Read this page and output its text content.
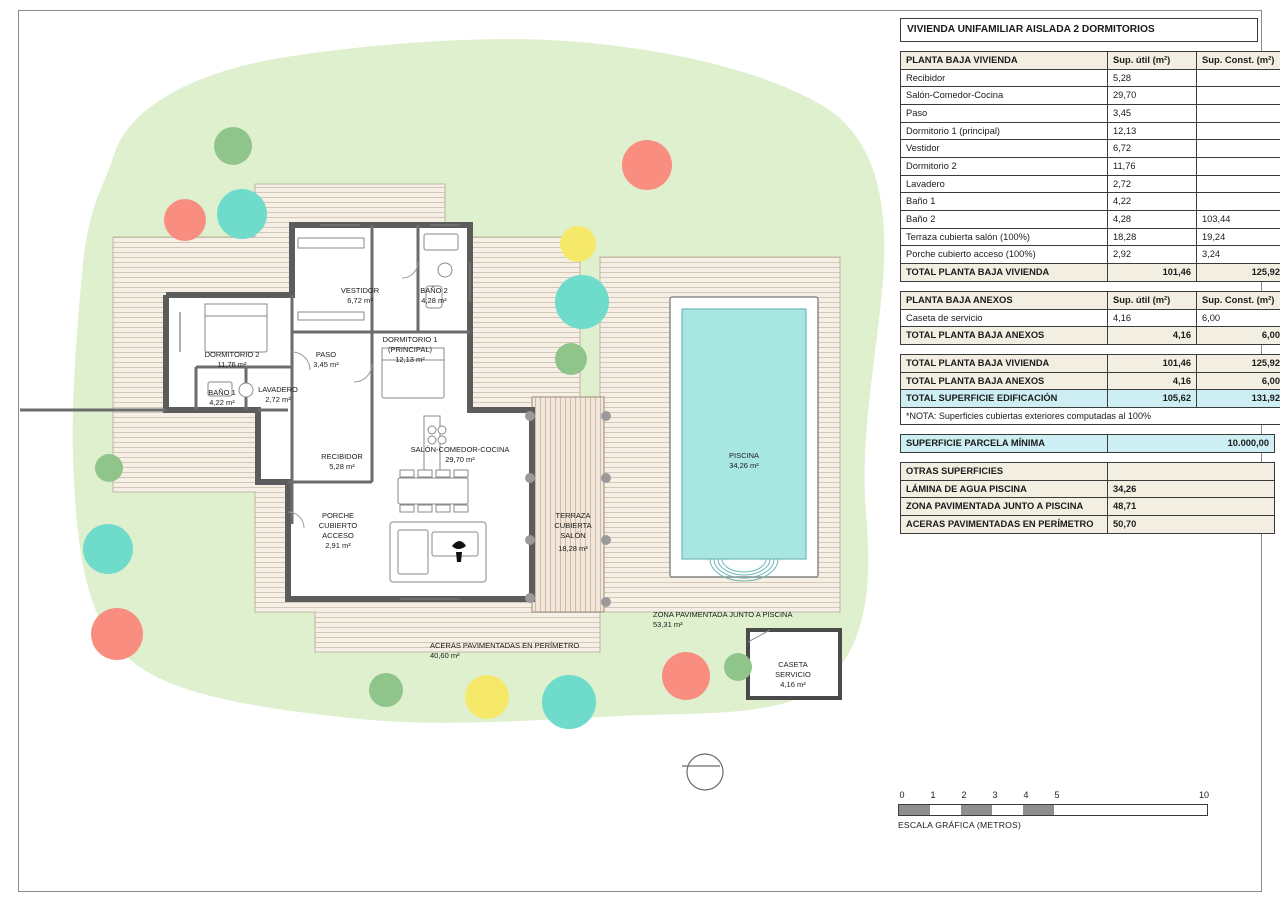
VESTIDOR
6,72 m²
BAÑO 2
4,28 m²
DORMITORIO 1
(PRINCIPAL)
12,13 m²
DORMITORIO 2
11,76 m²
PASO
3,45 m²
BAÑO 1
4,22 m²
LAVADERO
2,72 m²
RECIBIDOR
5,28 m²
SALÓN-COMEDOR-COCINA
29,70 m²
PORCHE
CUBIERTO
ACCESO
2,91 m²
TERRAZA
CUBIERTA
SALÓN
18,28 m²
PISCINA
34,26 m²
CASETA
SERVICIO
4,16 m²
ZONA PAVIMENTADA JUNTO A PISCINA
53,31 m²
ACERAS PAVIMENTADAS EN PERÍMETRO
40,60 m²
VIVIENDA UNIFAMILIAR AISLADA 2 DORMITORIOS
PLANTA BAJA VIVIENDA	Sup. útil (m²)	Sup. Const. (m²)
Recibidor	5,28	
Salón-Comedor-Cocina	29,70	
Paso	3,45	
Dormitorio 1 (principal)	12,13	
Vestidor	6,72	
Dormitorio 2	11,76	
Lavadero	2,72	
Baño 1	4,22	
Baño 2	4,28	103,44
Terraza cubierta salón (100%)	18,28	19,24
Porche cubierto acceso (100%)	2,92	3,24
TOTAL PLANTA BAJA VIVIENDA	101,46	125,92
PLANTA BAJA ANEXOS	Sup. útil (m²)	Sup. Const. (m²)
Caseta de servicio	4,16	6,00
TOTAL PLANTA BAJA ANEXOS	4,16	6,00
TOTAL PLANTA BAJA VIVIENDA	101,46	125,92
TOTAL PLANTA BAJA ANEXOS	4,16	6,00
TOTAL SUPERFICIE EDIFICACIÓN	105,62	131,92
*NOTA: Superficies cubiertas exteriores computadas al 100%		
SUPERFICIE PARCELA MÍNIMA	10.000,00
OTRAS SUPERFICIES	
LÁMINA DE AGUA PISCINA	34,26
ZONA PAVIMENTADA JUNTO A PISCINA	48,71
ACERAS PAVIMENTADAS EN PERÍMETRO	50,70
0	1	2	3	4	5	10
ESCALA GRÁFICA (METROS)
